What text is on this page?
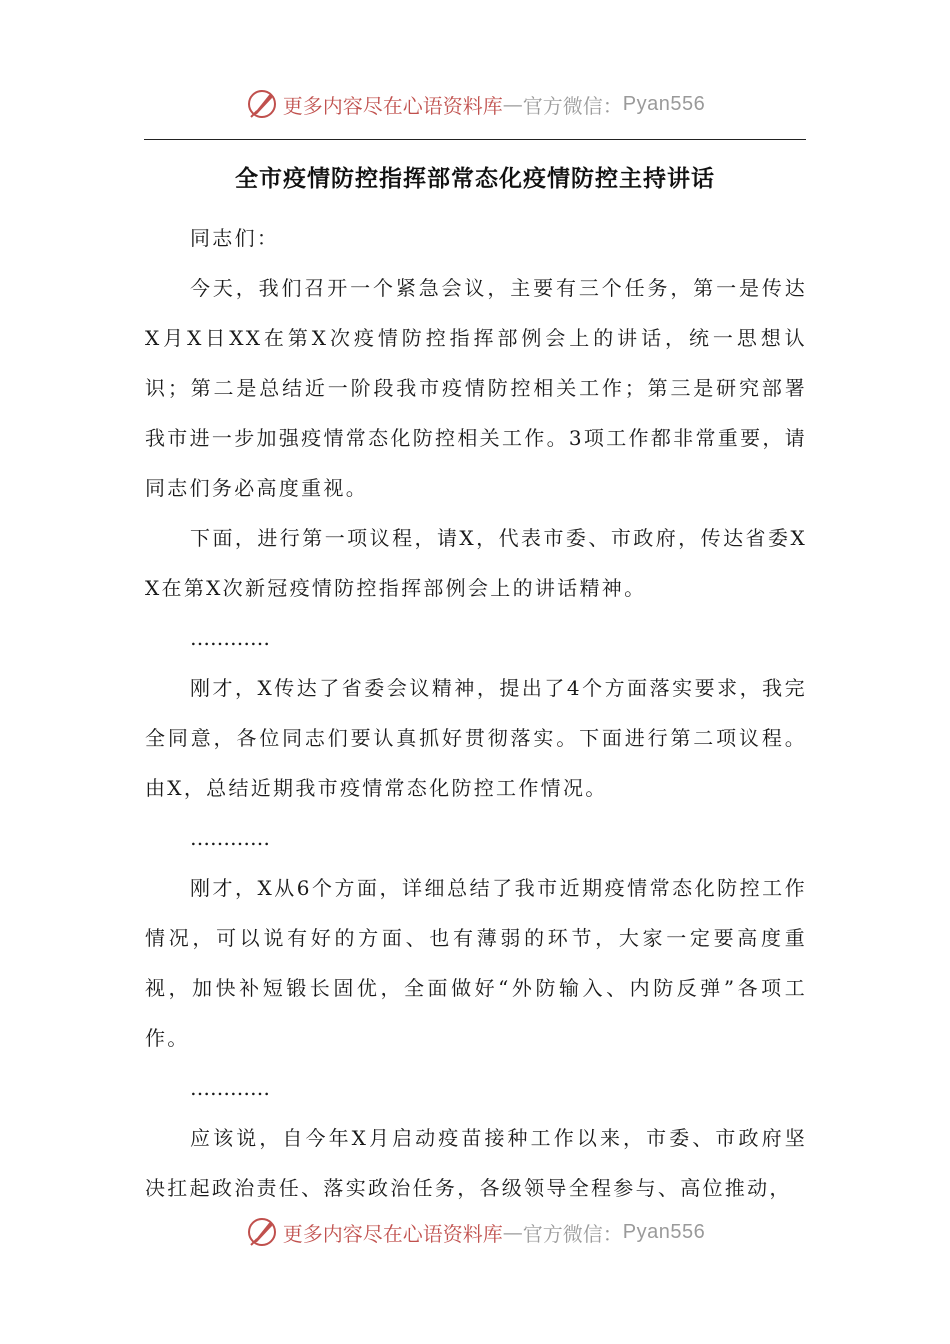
更多内容尽在心语资料库 — 官方微信： Pyan556
全市疫情防控指挥部常态化疫情防控主持讲话

同志们：

今天，我们召开一个紧急会议，主要有三个任务，第一是传达X月X日XX在第X次疫情防控指挥部例会上的讲话，统一思想认识；第二是总结近一阶段我市疫情防控相关工作；第三是研究部署我市进一步加强疫情常态化防控相关工作。3项工作都非常重要，请同志们务必高度重视。

下面，进行第一项议程，请X，代表市委、市政府，传达省委XX在第X次新冠疫情防控指挥部例会上的讲话精神。

…………

刚才，X传达了省委会议精神，提出了4个方面落实要求，我完全同意，各位同志们要认真抓好贯彻落实。下面进行第二项议程。由X，总结近期我市疫情常态化防控工作情况。

…………

刚才，X从6个方面，详细总结了我市近期疫情常态化防控工作情况，可以说有好的方面、也有薄弱的环节，大家一定要高度重视，加快补短锻长固优，全面做好“外防输入、内防反弹”各项工作。

…………

应该说，自今年X月启动疫苗接种工作以来，市委、市政府坚决扛起政治责任、落实政治任务，各级领导全程参与、高位推动，

更多内容尽在心语资料库 — 官方微信： Pyan556
